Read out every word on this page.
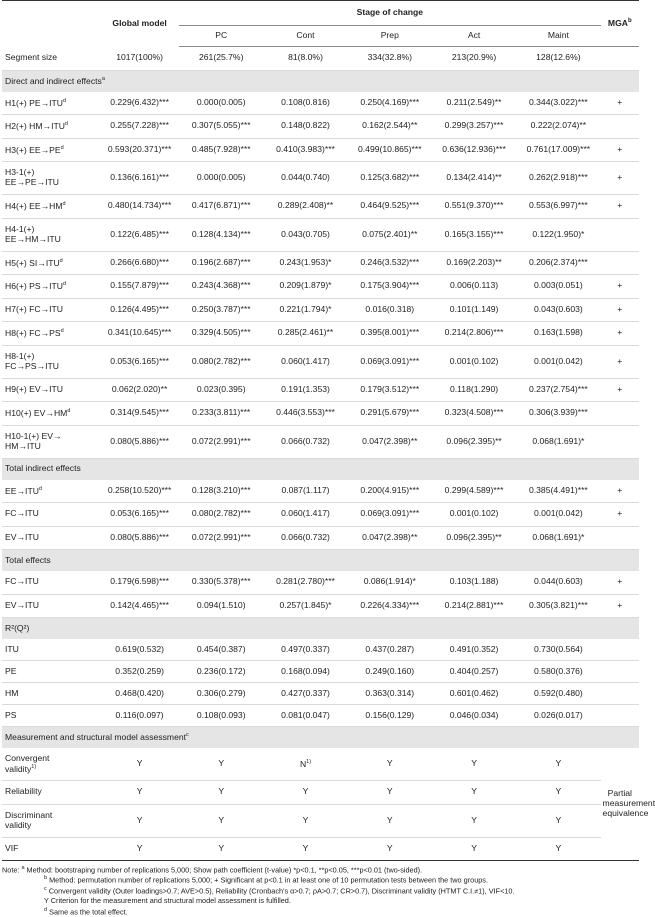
	Global model	Stage of change					MGA$^b$
		PC	Cont	Prep	Act	Maint	
Segment size	1017(100%)	261(25.7%)	81(8.0%)	334(32.8%)	213(20.9%)	128(12.6%)	
Direct and indirect effects$^a$
H1(+) $PE\to ITU^d$	0.229(6.432)***	0.000(0.005)	0.108(0.816)	0.250(4.169)***	0.211(2.549)**	0.344(3.022)***	+
H2(+) $HM\to ITU^d$	0.255(7.228)***	0.307(5.055)***	0.148(0.822)	0.162(2.544)**	0.299(3.257)***	0.222(2.074)**	
H3(+) $EE\to PE^d$	0.593(20.371)***	0.485(7.928)***	0.410(3.983)***	0.499(10.865)***	0.636(12.936)***	0.761(17.009)***	+
H3-1(+)
EE→PE→ITU	0.136(6.161)***	0.000(0.005)	0.044(0.740)	0.125(3.682)***	0.134(2.414)**	0.262(2.918)***	+
H4(+) $EE\to HM^d$	0.480(14.734)***	0.417(6.871)***	0.289(2.408)**	0.464(9.525)***	0.551(9.370)***	0.553(6.997)***	+
H4-1(+)
EE→HM→ITU	0.122(6.485)***	0.128(4.134)***	0.043(0.705)	0.075(2.401)**	0.165(3.155)***	0.122(1.950)*	
H5(+) $SI\to ITU^d$	0.266(6.680)***	0.196(2.687)***	0.243(1.953)*	0.246(3.532)***	0.169(2.203)**	0.206(2.374)***	
H6(+) $PS\to ITU^d$	0.155(7.879)***	0.243(4.368)***	0.209(1.879)*	0.175(3.904)***	0.006(0.113)	0.003(0.051)	+
H7(+) FC→ITU	0.126(4.495)***	0.250(3.787)***	0.221(1.794)*	0.016(0.318)	0.101(1.149)	0.043(0.603)	+
H8(+) $FC\to PS^d$	0.341(10.645)***	0.329(4.505)***	0.285(2.461)**	0.395(8.001)***	0.214(2.806)***	0.163(1.598)	+
H8-1(+)
FC→PS→ITU	0.053(6.165)***	0.080(2.782)***	0.060(1.417)	0.069(3.091)***	0.001(0.102)	0.001(0.042)	+
H9(+) EV→ITU	0.062(2.020)**	0.023(0.395)	0.191(1.353)	0.179(3.512)***	0.118(1.290)	0.237(2.754)***	+
H10(+) $EV\to HM^d$	0.314(9.545)***	0.233(3.811)***	0.446(3.553)***	0.291(5.679)***	0.323(4.508)***	0.306(3.939)***	
H10-1(+) EV→
HM→ITU	0.080(5.886)***	0.072(2.991)***	0.066(0.732)	0.047(2.398)**	0.096(2.395)**	0.068(1.691)*	
Total indirect effects							
$EE\to ITU^d$	0.258(10.520)***	0.128(3.210)***	0.087(1.117)	0.200(4.915)***	0.299(4.589)***	0.385(4.491)***	+
FC→ITU	0.053(6.165)***	0.080(2.782)***	0.060(1.417)	0.069(3.091)***	0.001(0.102)	0.001(0.042)	+
EV→ITU	0.080(5.886)***	0.072(2.991)***	0.066(0.732)	0.047(2.398)**	0.096(2.395)**	0.068(1.691)*	
Total effects							
FC→ITU	0.179(6.598)***	0.330(5.378)***	0.281(2.780)***	0.086(1.914)*	0.103(1.188)	0.044(0.603)	+
EV→ITU	0.142(4.465)***	0.094(1.510)	0.257(1.845)*	0.226(4.334)***	0.214(2.881)***	0.305(3.821)***	+
R²(Q²)							
ITU	0.619(0.532)	0.454(0.387)	0.497(0.337)	0.437(0.287)	0.491(0.352)	0.730(0.564)	
PE	0.352(0.259)	0.236(0.172)	0.168(0.094)	0.249(0.160)	0.404(0.257)	0.580(0.376)	
HM	0.468(0.420)	0.306(0.279)	0.427(0.337)	0.363(0.314)	0.601(0.462)	0.592(0.480)	
PS	0.116(0.097)	0.108(0.093)	0.081(0.047)	0.156(0.129)	0.046(0.034)	0.026(0.017)	
Measurement and structural model assessment$^c$
Convergent
validity$^{1)}$	Y	Y	$N^{1)}$	Y	Y	Y	Partial measurement equivalence
Reliability	Y	Y	Y	Y	Y	Y	
Discriminant
validity	Y	Y	Y	Y	Y	Y	
VIF	Y	Y	Y	Y	Y	Y	
Note: $^a$ Method: bootstraping number of replications 5,000; Show path coefficient (t-value) *p<0.1, **p<0.05, ***p<0.01 (two-sided).
$^b$ Method: permutation number of replications 5,000; + Significant at p<0.1 in at least one of 10 permutation tests between the two groups.
$^c$ Convergent validity (Outer loadings>0.7; AVE>0.5), Reliability (Cronbach's α>0.7; ρA>0.7; CR>0.7), Discriminant validity (HTMT C.I.≠1), VIF<10.
Y Criterion for the measurement and structural model assessment is fulfilled.
$^d$ Same as the total effect.
